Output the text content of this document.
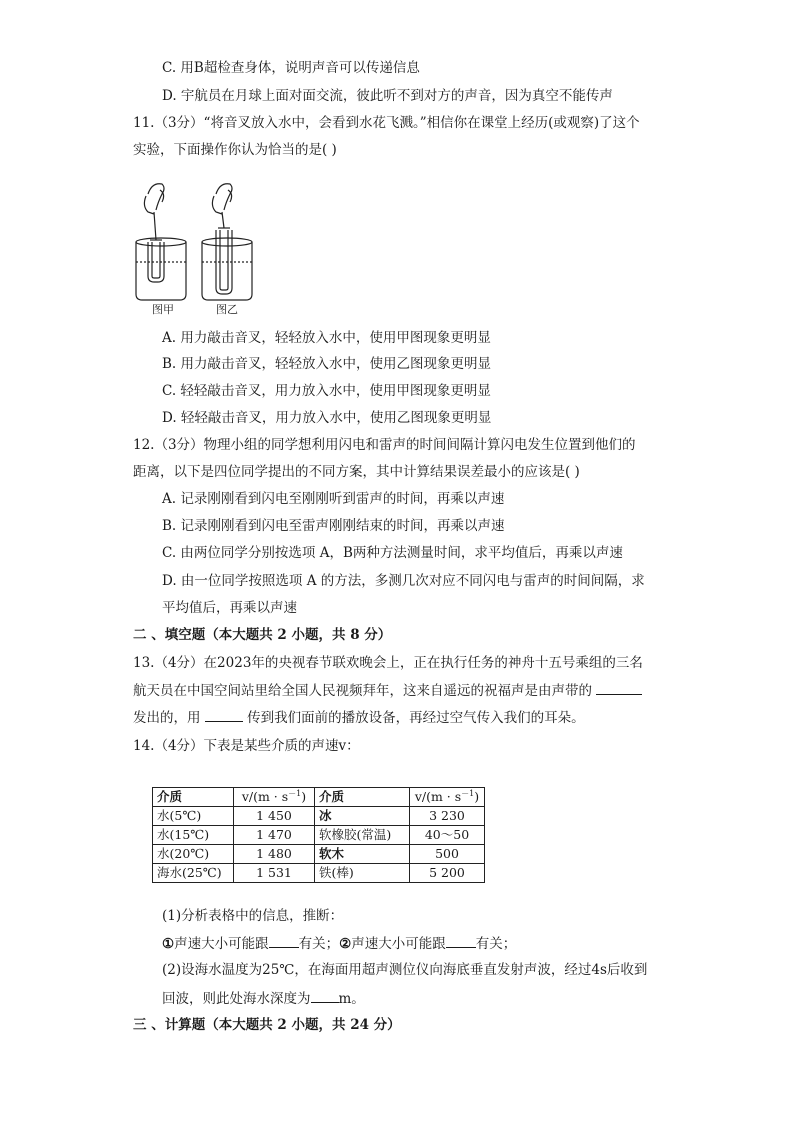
C. 用B超检查身体，说明声音可以传递信息
D. 宇航员在月球上面对面交流，彼此听不到对方的声音，因为真空不能传声
11.（3分）“将音叉放入水中，会看到水花飞溅。”相信你在课堂上经历(或观察)了这个
实验，下面操作你认为恰当的是( )
图甲	图乙
A. 用力敲击音叉，轻轻放入水中，使用甲图现象更明显
B. 用力敲击音叉，轻轻放入水中，使用乙图现象更明显
C. 轻轻敲击音叉，用力放入水中，使用甲图现象更明显
D. 轻轻敲击音叉，用力放入水中，使用乙图现象更明显
12.（3分）物理小组的同学想利用闪电和雷声的时间间隔计算闪电发生位置到他们的
距离，以下是四位同学提出的不同方案，其中计算结果误差最小的应该是( )
A. 记录刚刚看到闪电至刚刚听到雷声的时间，再乘以声速
B. 记录刚刚看到闪电至雷声刚刚结束的时间，再乘以声速
C. 由两位同学分别按选项 A，B两种方法测量时间，求平均值后，再乘以声速
D. 由一位同学按照选项 A 的方法，多测几次对应不同闪电与雷声的时间间隔，求
平均值后，再乘以声速
二 、填空题（本大题共 2 小题，共 8 分）
13.（4分）在2023年的央视春节联欢晚会上，正在执行任务的神舟十五号乘组的三名
航天员在中国空间站里给全国人民视频拜年，这来自遥远的祝福声是由声带的
发出的，用	传到我们面前的播放设备，再经过空气传入我们的耳朵。
14.（4分）下表是某些介质的声速v：
介质	$v/(m \cdot s^{-1})$	介质	$v/(m \cdot s^{-1})$
水(5℃)	1 450	冰	3 230
水(15℃)	1 470	软橡胶(常温)	40～50
水(20℃)	1 480	软木	500
海水(25℃)	1 531	铁(棒)	5 200
(1)分析表格中的信息，推断：
①声速大小可能跟 有关；②声速大小可能跟 有关；
(2)设海水温度为25℃，在海面用超声测位仪向海底垂直发射声波，经过4s后收到
回波，则此处海水深度为 m。
三 、计算题（本大题共 2 小题，共 24 分）
